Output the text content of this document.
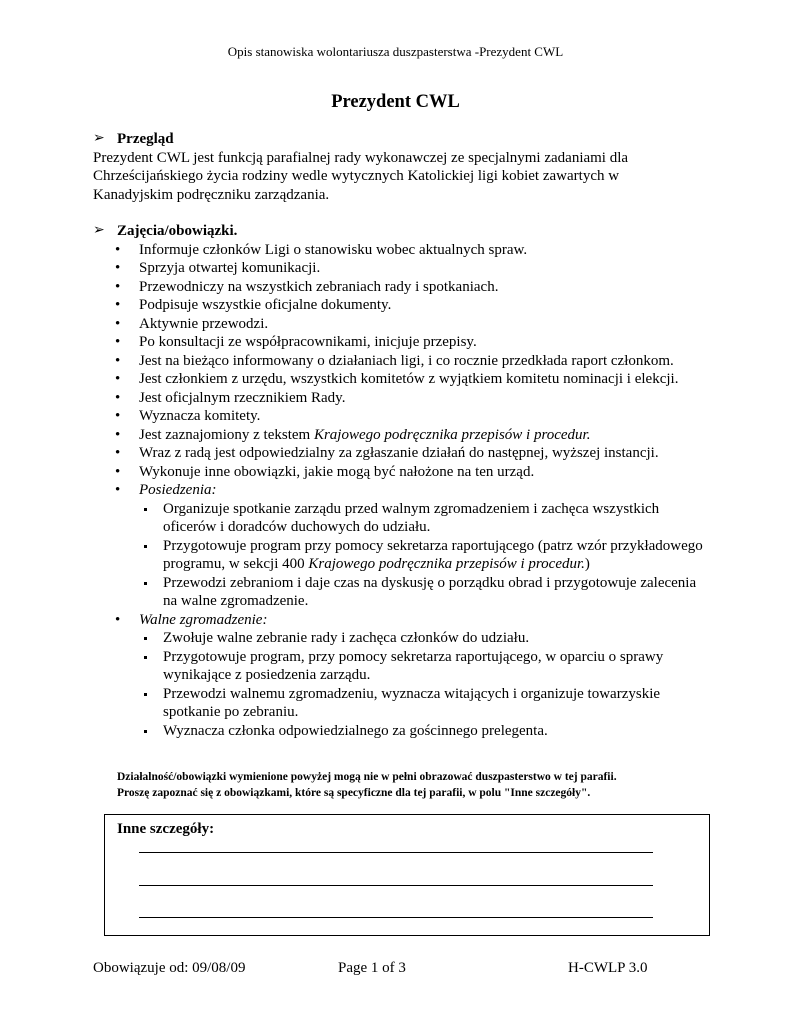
Opis stanowiska wolontariusza duszpasterstwa -Prezydent CWL
Prezydent CWL
➢ Przegląd
Prezydent CWL jest funkcją parafialnej rady wykonawczej ze specjalnymi zadaniami dla
Chrześcijańskiego życia rodziny wedle wytycznych Katolickiej ligi kobiet zawartych w
Kanadyjskim podręczniku zarządzania.
➢ Zajęcia/obowiązki.
• Informuje członków Ligi o stanowisku wobec aktualnych spraw.
• Sprzyja otwartej komunikacji.
• Przewodniczy na wszystkich zebraniach rady i spotkaniach.
• Podpisuje wszystkie oficjalne dokumenty.
• Aktywnie przewodzi.
• Po konsultacji ze współpracownikami, inicjuje przepisy.
• Jest na bieżąco informowany o działaniach ligi, i co rocznie przedkłada raport członkom.
• Jest członkiem z urzędu, wszystkich komitetów z wyjątkiem komitetu nominacji i elekcji.
• Jest oficjalnym rzecznikiem Rady.
• Wyznacza komitety.
• Jest zaznajomiony z tekstem Krajowego podręcznika przepisów i procedur.
• Wraz z radą jest odpowiedzialny za zgłaszanie działań do następnej, wyższej instancji.
• Wykonuje inne obowiązki, jakie mogą być nałożone na ten urząd.
• Posiedzenia:
Organizuje spotkanie zarządu przed walnym zgromadzeniem i zachęca wszystkich oficerów i doradców duchowych do udziału.
Przygotowuje program przy pomocy sekretarza raportującego (patrz wzór przykładowego programu, w sekcji 400 Krajowego podręcznika przepisów i procedur.)
Przewodzi zebraniom i daje czas na dyskusję o porządku obrad i przygotowuje zalecenia na walne zgromadzenie.
• Walne zgromadzenie:
Zwołuje walne zebranie rady i zachęca członków do udziału.
Przygotowuje program, przy pomocy sekretarza raportującego, w oparciu o sprawy wynikające z posiedzenia zarządu.
Przewodzi walnemu zgromadzeniu, wyznacza witających i organizuje towarzyskie spotkanie po zebraniu.
Wyznacza członka odpowiedzialnego za gościnnego prelegenta.
Działalność/obowiązki wymienione powyżej mogą nie w pełni obrazować duszpasterstwo w tej parafii.
Proszę zapoznać się z obowiązkami, które są specyficzne dla tej parafii, w polu "Inne szczegóły".
Inne szczegóły:
Obowiązuje od: 09/08/09	Page 1 of 3	H-CWLP 3.0
